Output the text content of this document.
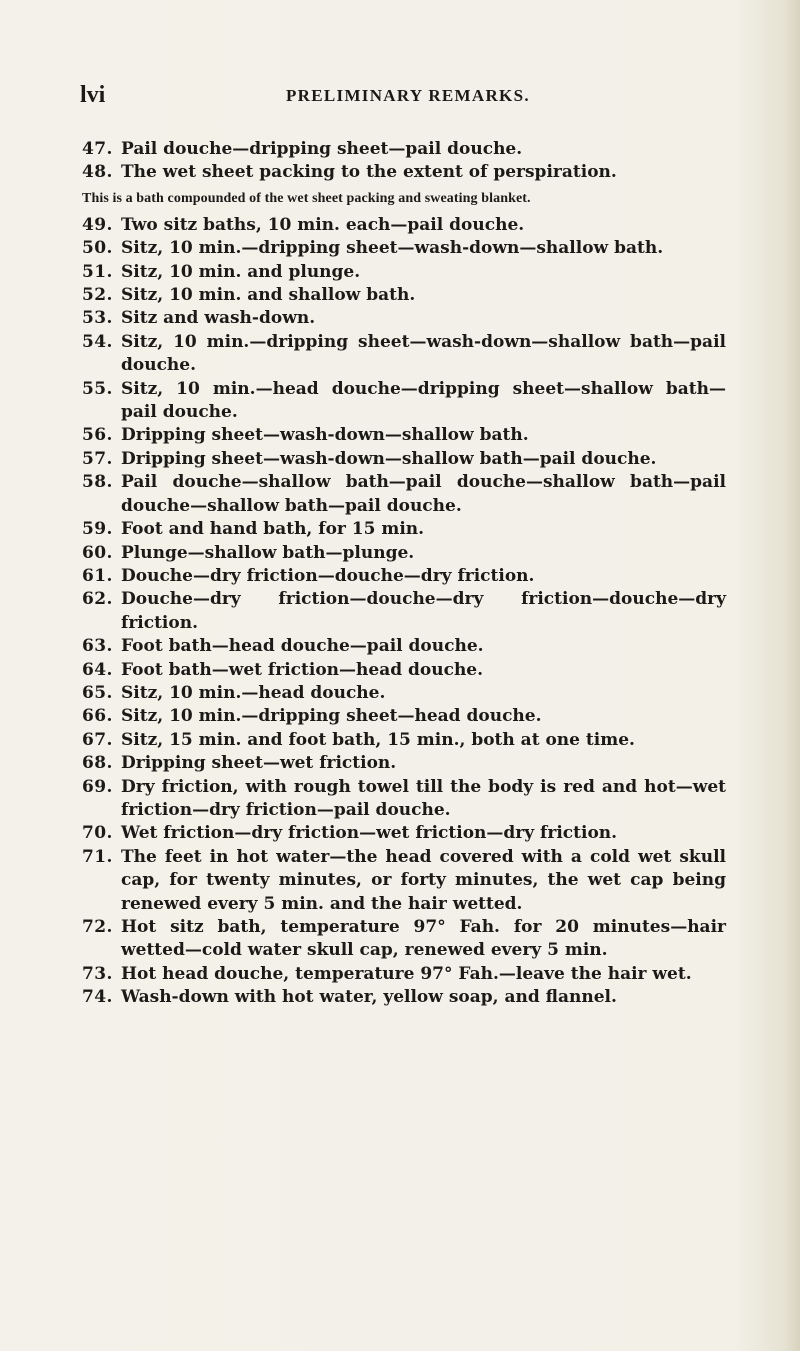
lvi	PRELIMINARY REMARKS.
47. Pail douche—dripping sheet—pail douche.
48. The wet sheet packing to the extent of perspiration.
This is a bath compounded of the wet sheet packing and sweating blanket.
49. Two sitz baths, 10 min. each—pail douche.
50. Sitz, 10 min.—dripping sheet—wash-down—shallow bath.
51. Sitz, 10 min. and plunge.
52. Sitz, 10 min. and shallow bath.
53. Sitz and wash-down.
54. Sitz, 10 min.—dripping sheet—wash-down—shallow bath—pail douche.
55. Sitz, 10 min.—head douche—dripping sheet—shallow bath—pail douche.
56. Dripping sheet—wash-down—shallow bath.
57. Dripping sheet—wash-down—shallow bath—pail douche.
58. Pail douche—shallow bath—pail douche—shallow bath—pail douche—shallow bath—pail douche.
59. Foot and hand bath, for 15 min.
60. Plunge—shallow bath—plunge.
61. Douche—dry friction—douche—dry friction.
62. Douche—dry friction—douche—dry friction—douche—dry friction.
63. Foot bath—head douche—pail douche.
64. Foot bath—wet friction—head douche.
65. Sitz, 10 min.—head douche.
66. Sitz, 10 min.—dripping sheet—head douche.
67. Sitz, 15 min. and foot bath, 15 min., both at one time.
68. Dripping sheet—wet friction.
69. Dry friction, with rough towel till the body is red and hot—wet friction—dry friction—pail douche.
70. Wet friction—dry friction—wet friction—dry friction.
71. The feet in hot water—the head covered with a cold wet skull cap, for twenty minutes, or forty minutes, the wet cap being renewed every 5 min. and the hair wetted.
72. Hot sitz bath, temperature 97° Fah. for 20 minutes—hair wetted—cold water skull cap, renewed every 5 min.
73. Hot head douche, temperature 97° Fah.—leave the hair wet.
74. Wash-down with hot water, yellow soap, and flannel.
